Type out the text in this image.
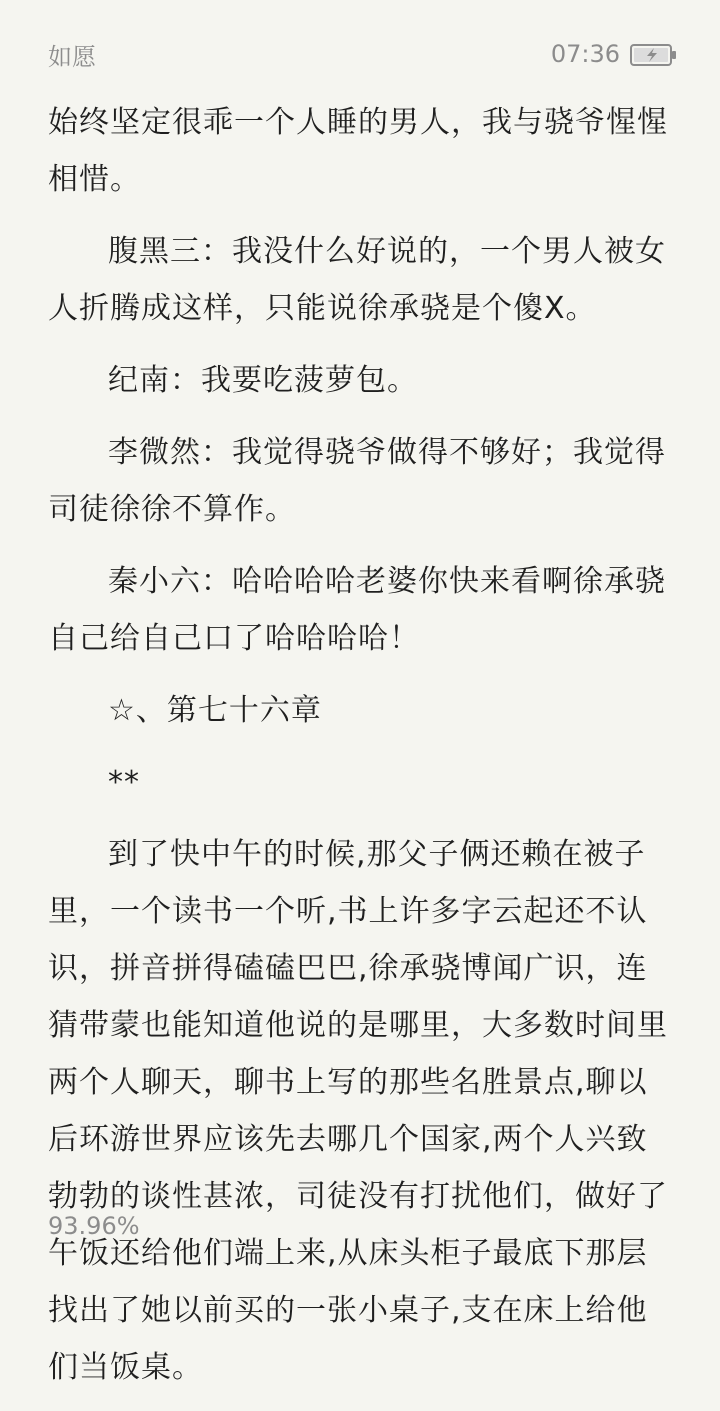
如愿	07:36

始终坚定很乖一个人睡的男人，我与骁爷惺惺相惜。

腹黑三：我没什么好说的，一个男人被女人折腾成这样，只能说徐承骁是个傻X。

纪南：我要吃菠萝包。

李微然：我觉得骁爷做得不够好；我觉得司徒徐徐不算作。

秦小六：哈哈哈哈老婆你快来看啊徐承骁自己给自己口了哈哈哈哈！

☆、第七十六章

**

到了快中午的时候,那父子俩还赖在被子里，一个读书一个听,书上许多字云起还不认识，拼音拼得磕磕巴巴,徐承骁博闻广识，连猜带蒙也能知道他说的是哪里，大多数时间里两个人聊天，聊书上写的那些名胜景点,聊以后环游世界应该先去哪几个国家,两个人兴致勃勃的谈性甚浓，司徒没有打扰他们，做好了午饭还给他们端上来,从床头柜子最底下那层找出了她以前买的一张小桌子,支在床上给他们当饭桌。

93.96%
